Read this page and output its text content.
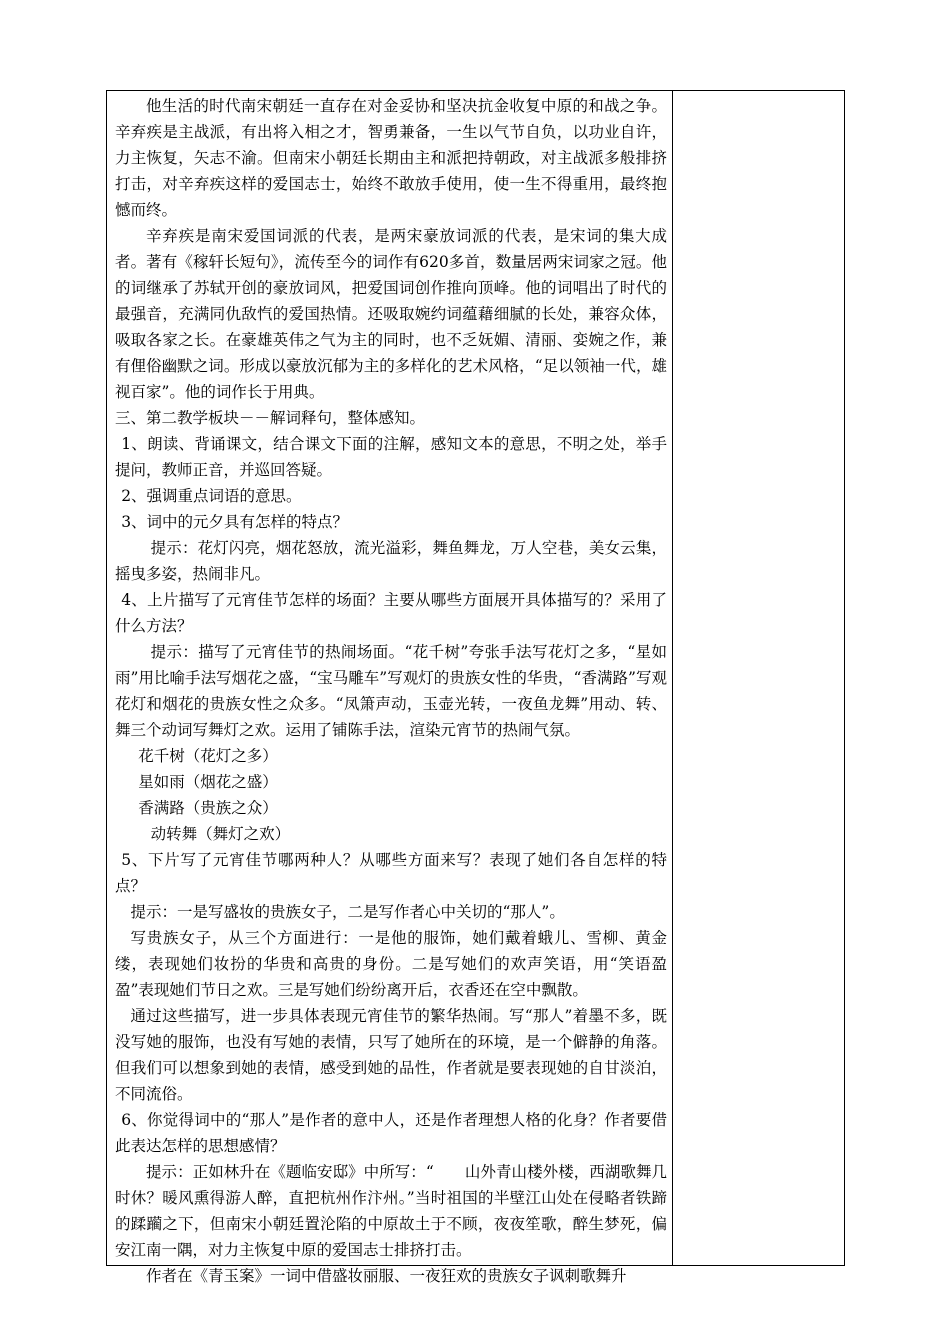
他生活的时代南宋朝廷一直存在对金妥协和坚决抗金收复中原的和战之争。辛弃疾是主战派，有出将入相之才，智勇兼备，一生以气节自负，以功业自许，力主恢复，矢志不渝。但南宋小朝廷长期由主和派把持朝政，对主战派多般排挤打击，对辛弃疾这样的爱国志士，始终不敢放手使用，使一生不得重用，最终抱憾而终。

辛弃疾是南宋爱国词派的代表，是两宋豪放词派的代表，是宋词的集大成者。著有《稼轩长短句》，流传至今的词作有620多首，数量居两宋词家之冠。他的词继承了苏轼开创的豪放词风，把爱国词创作推向顶峰。他的词唱出了时代的最强音，充满同仇敌忾的爱国热情。还吸取婉约词蕴藉细腻的长处，兼容众体，吸取各家之长。在豪雄英伟之气为主的同时，也不乏妩媚、清丽、娈婉之作，兼有俚俗幽默之词。形成以豪放沉郁为主的多样化的艺术风格，“足以领袖一代，雄视百家”。他的词作长于用典。

三、第二教学板块－－解词释句，整体感知。

1、朗读、背诵课文，结合课文下面的注解，感知文本的意思，不明之处，举手提问，教师正音，并巡回答疑。

2、强调重点词语的意思。

3、词中的元夕具有怎样的特点？

提示：花灯闪亮，烟花怒放，流光溢彩，舞鱼舞龙，万人空巷，美女云集，摇曳多姿，热闹非凡。

4、上片描写了元宵佳节怎样的场面？主要从哪些方面展开具体描写的？采用了什么方法？

提示：描写了元宵佳节的热闹场面。“花千树”夸张手法写花灯之多，“星如雨”用比喻手法写烟花之盛，“宝马雕车”写观灯的贵族女性的华贵，“香满路”写观花灯和烟花的贵族女性之众多。“凤箫声动，玉壶光转，一夜鱼龙舞”用动、转、舞三个动词写舞灯之欢。运用了铺陈手法，渲染元宵节的热闹气氛。

花千树（花灯之多）

星如雨（烟花之盛）

香满路（贵族之众）

动转舞（舞灯之欢）

5、下片写了元宵佳节哪两种人？从哪些方面来写？表现了她们各自怎样的特点？

提示：一是写盛妆的贵族女子，二是写作者心中关切的“那人”。

写贵族女子，从三个方面进行：一是他的服饰，她们戴着蛾儿、雪柳、黄金缕，表现她们妆扮的华贵和高贵的身份。二是写她们的欢声笑语，用“笑语盈盈”表现她们节日之欢。三是写她们纷纷离开后，衣香还在空中飘散。

通过这些描写，进一步具体表现元宵佳节的繁华热闹。写“那人”着墨不多，既没写她的服饰，也没有写她的表情，只写了她所在的环境，是一个僻静的角落。但我们可以想象到她的表情，感受到她的品性，作者就是要表现她的自甘淡泊，不同流俗。

6、你觉得词中的“那人”是作者的意中人，还是作者理想人格的化身？作者要借此表达怎样的思想感情？

提示：正如林升在《题临安邸》中所写：“　　山外青山楼外楼，西湖歌舞几时休？暖风熏得游人醉，直把杭州作汴州。”当时祖国的半壁江山处在侵略者铁蹄的蹂躏之下，但南宋小朝廷置沦陷的中原故土于不顾，夜夜笙歌，醉生梦死，偏安江南一隅，对力主恢复中原的爱国志士排挤打击。

作者在《青玉案》一词中借盛妆丽服、一夜狂欢的贵族女子讽刺歌舞升
